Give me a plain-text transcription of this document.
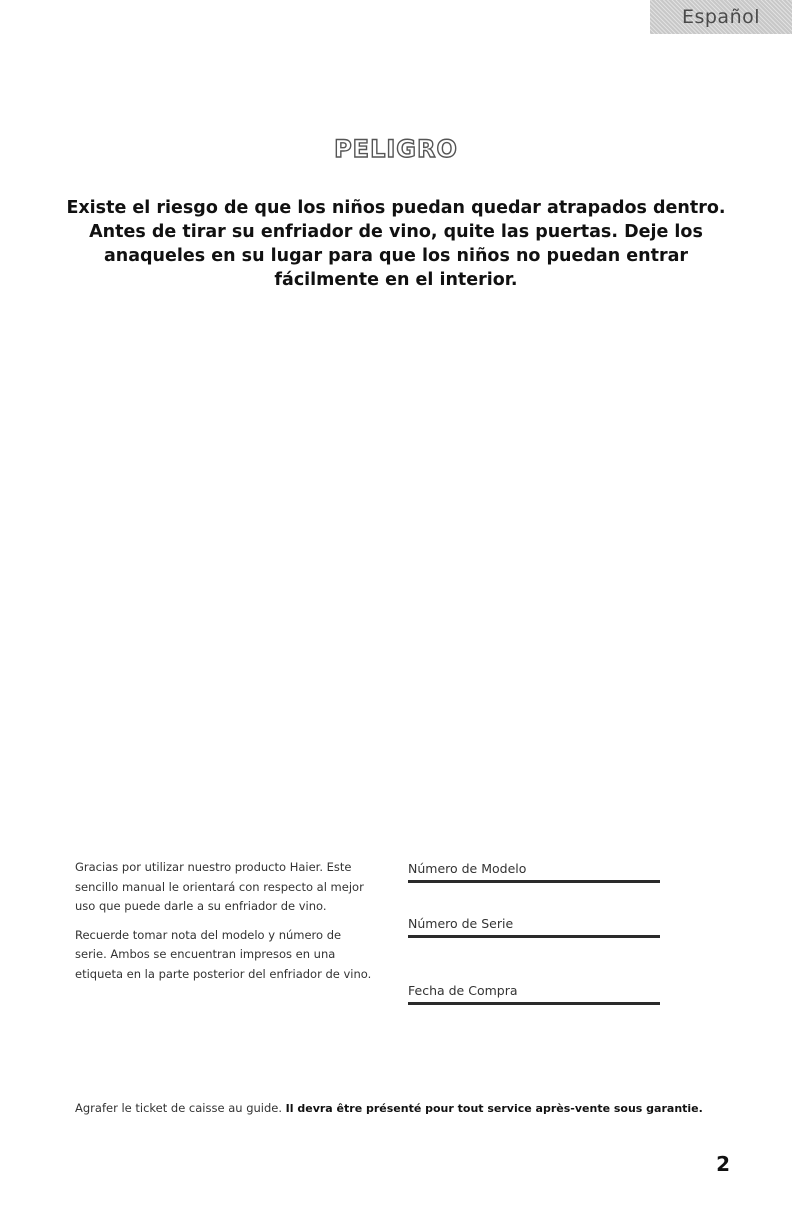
Español
PELIGRO

Existe el riesgo de que los niños puedan quedar atrapados dentro. Antes de tirar su enfriador de vino, quite las puertas. Deje los anaqueles en su lugar para que los niños no puedan entrar fácilmente en el interior.

Gracias por utilizar nuestro producto Haier. Este sencillo manual le orientará con respecto al mejor uso que puede darle a su enfriador de vino.

Recuerde tomar nota del modelo y número de serie. Ambos se encuentran impresos en una etiqueta en la parte posterior del enfriador de vino.

Número de Modelo
Número de Serie
Fecha de Compra

Agrafer le ticket de caisse au guide. Il devra être présenté pour tout service après-vente sous garantie.

2
